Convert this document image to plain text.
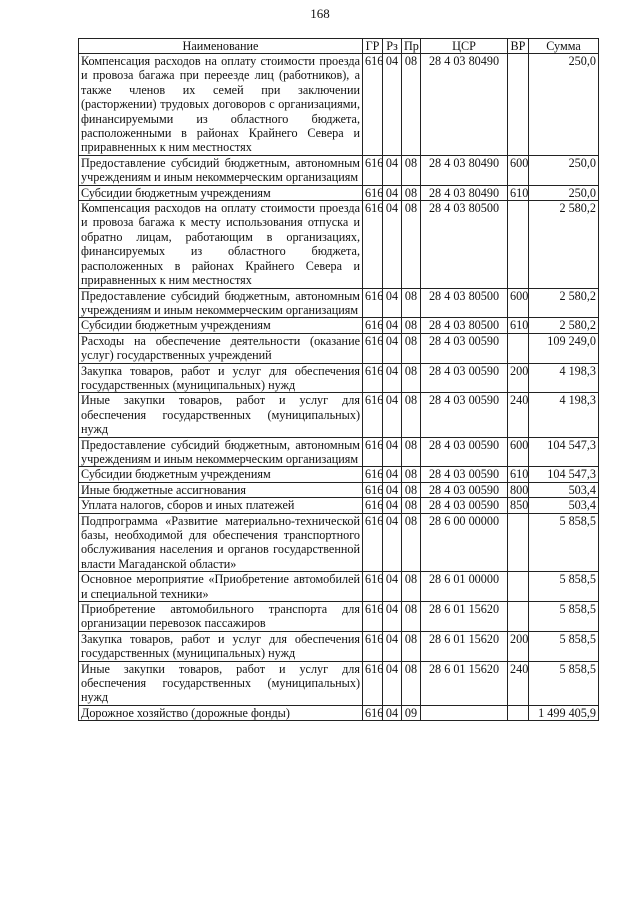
168
Наименование	ГР	Рз	Пр	ЦСР	ВР	Сумма
Компенсация расходов на оплату стоимости проезда и провоза багажа при переезде лиц (работников), а также членов их семей при заключении (расторжении) трудовых договоров с организациями, финансируемыми из областного бюджета, расположенными в районах Крайнего Севера и приравненных к ним местностях	616	04	08	28 4 03 80490		250,0
Предоставление субсидий бюджетным, автономным учреждениям и иным некоммерческим организациям	616	04	08	28 4 03 80490	600	250,0
Субсидии бюджетным учреждениям	616	04	08	28 4 03 80490	610	250,0
Компенсация расходов на оплату стоимости проезда и провоза багажа к месту использования отпуска и обратно лицам, работающим в организациях, финансируемых из областного бюджета, расположенных в районах Крайнего Севера и приравненных к ним местностях	616	04	08	28 4 03 80500		2 580,2
Предоставление субсидий бюджетным, автономным учреждениям и иным некоммерческим организациям	616	04	08	28 4 03 80500	600	2 580,2
Субсидии бюджетным учреждениям	616	04	08	28 4 03 80500	610	2 580,2
Расходы на обеспечение деятельности (оказание услуг) государственных учреждений	616	04	08	28 4 03 00590		109 249,0
Закупка товаров, работ и услуг для обеспечения государственных (муниципальных) нужд	616	04	08	28 4 03 00590	200	4 198,3
Иные закупки товаров, работ и услуг для обеспечения государственных (муниципальных) нужд	616	04	08	28 4 03 00590	240	4 198,3
Предоставление субсидий бюджетным, автономным учреждениям и иным некоммерческим организациям	616	04	08	28 4 03 00590	600	104 547,3
Субсидии бюджетным учреждениям	616	04	08	28 4 03 00590	610	104 547,3
Иные бюджетные ассигнования	616	04	08	28 4 03 00590	800	503,4
Уплата налогов, сборов и иных платежей	616	04	08	28 4 03 00590	850	503,4
Подпрограмма «Развитие материально-технической базы, необходимой для обеспечения транспортного обслуживания населения и органов государственной власти Магаданской области»	616	04	08	28 6 00 00000		5 858,5
Основное мероприятие «Приобретение автомобилей и специальной техники»	616	04	08	28 6 01 00000		5 858,5
Приобретение автомобильного транспорта для организации перевозок пассажиров	616	04	08	28 6 01 15620		5 858,5
Закупка товаров, работ и услуг для обеспечения государственных (муниципальных) нужд	616	04	08	28 6 01 15620	200	5 858,5
Иные закупки товаров, работ и услуг для обеспечения государственных (муниципальных) нужд	616	04	08	28 6 01 15620	240	5 858,5
Дорожное хозяйство (дорожные фонды)	616	04	09			1 499 405,9
